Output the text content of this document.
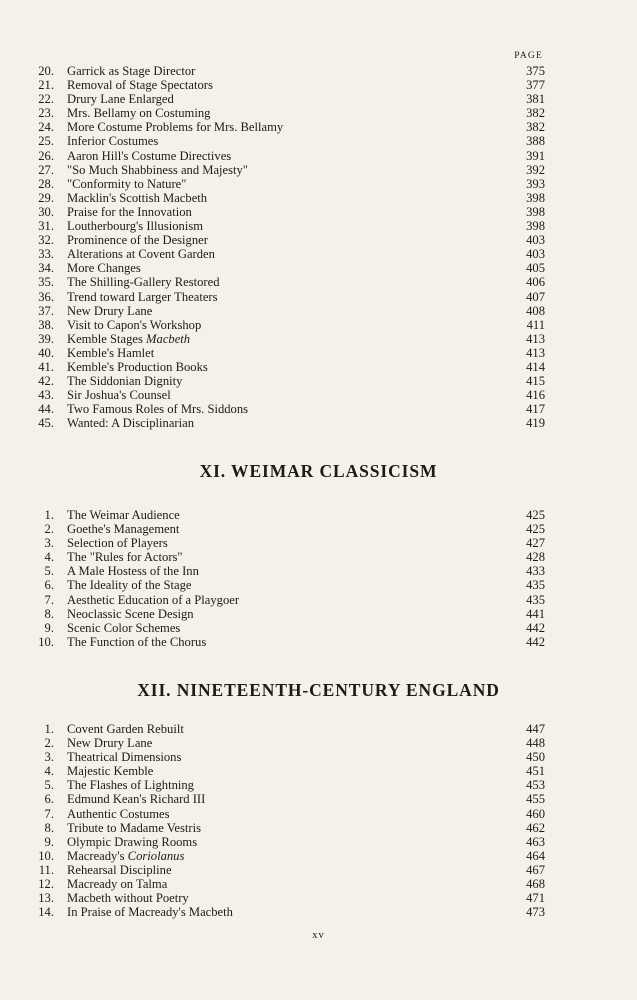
PAGE
XI. WEIMAR CLASSICISM
XII. NINETEENTH-CENTURY ENGLAND
20. Garrick as Stage Director	375
21. Removal of Stage Spectators	377
22. Drury Lane Enlarged	381
23. Mrs. Bellamy on Costuming	382
24. More Costume Problems for Mrs. Bellamy	382
25. Inferior Costumes	388
26. Aaron Hill's Costume Directives	391
27. "So Much Shabbiness and Majesty"	392
28. "Conformity to Nature"	393
29. Macklin's Scottish Macbeth	398
30. Praise for the Innovation	398
31. Loutherbourg's Illusionism	398
32. Prominence of the Designer	403
33. Alterations at Covent Garden	403
34. More Changes	405
35. The Shilling-Gallery Restored	406
36. Trend toward Larger Theaters	407
37. New Drury Lane	408
38. Visit to Capon's Workshop	411
39. Kemble Stages Macbeth	413
40. Kemble's Hamlet	413
41. Kemble's Production Books	414
42. The Siddonian Dignity	415
43. Sir Joshua's Counsel	416
44. Two Famous Roles of Mrs. Siddons	417
45. Wanted: A Disciplinarian	419
1. The Weimar Audience	425
2. Goethe's Management	425
3. Selection of Players	427
4. The "Rules for Actors"	428
5. A Male Hostess of the Inn	433
6. The Ideality of the Stage	435
7. Aesthetic Education of a Playgoer	435
8. Neoclassic Scene Design	441
9. Scenic Color Schemes	442
10. The Function of the Chorus	442
1. Covent Garden Rebuilt	447
2. New Drury Lane	448
3. Theatrical Dimensions	450
4. Majestic Kemble	451
5. The Flashes of Lightning	453
6. Edmund Kean's Richard III	455
7. Authentic Costumes	460
8. Tribute to Madame Vestris	462
9. Olympic Drawing Rooms	463
10. Macready's Coriolanus	464
11. Rehearsal Discipline	467
12. Macready on Talma	468
13. Macbeth without Poetry	471
14. In Praise of Macready's Macbeth	473
xv
